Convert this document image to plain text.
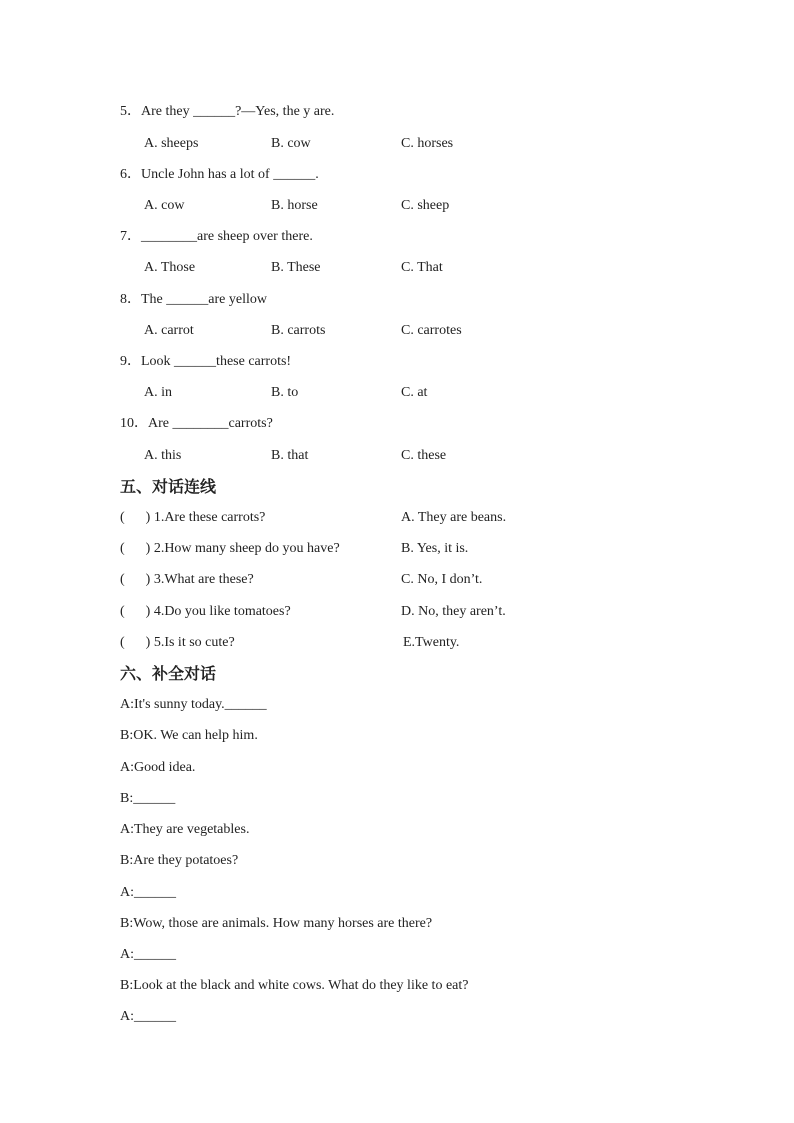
5．Are they ______?—Yes, the y are.
A. sheeps	B. cow	C. horses
6．Uncle John has a lot of ______.
A. cow	B. horse	C. sheep
7．________are sheep over there.
A. Those	B. These	C. That
8．The ______are yellow
A. carrot	B. carrots	C. carrotes
9．Look ______these carrots!
A. in	B. to	C. at
10．Are ________carrots?
A. this	B. that	C. these
五、对话连线
(      ) 1.Are these carrots?	A. They are beans.
(      ) 2.How many sheep do you have?	B. Yes, it is.
(      ) 3.What are these?	C. No, I don’t.
(      ) 4.Do you like tomatoes?	D. No, they aren’t.
(      ) 5.Is it so cute?	E.Twenty.
六、补全对话
A:It's sunny today.______
B:OK. We can help him.
A:Good idea.
B:______
A:They are vegetables.
B:Are they potatoes?
A:______
B:Wow, those are animals. How many horses are there?
A:______
B:Look at the black and white cows. What do they like to eat?
A:______
